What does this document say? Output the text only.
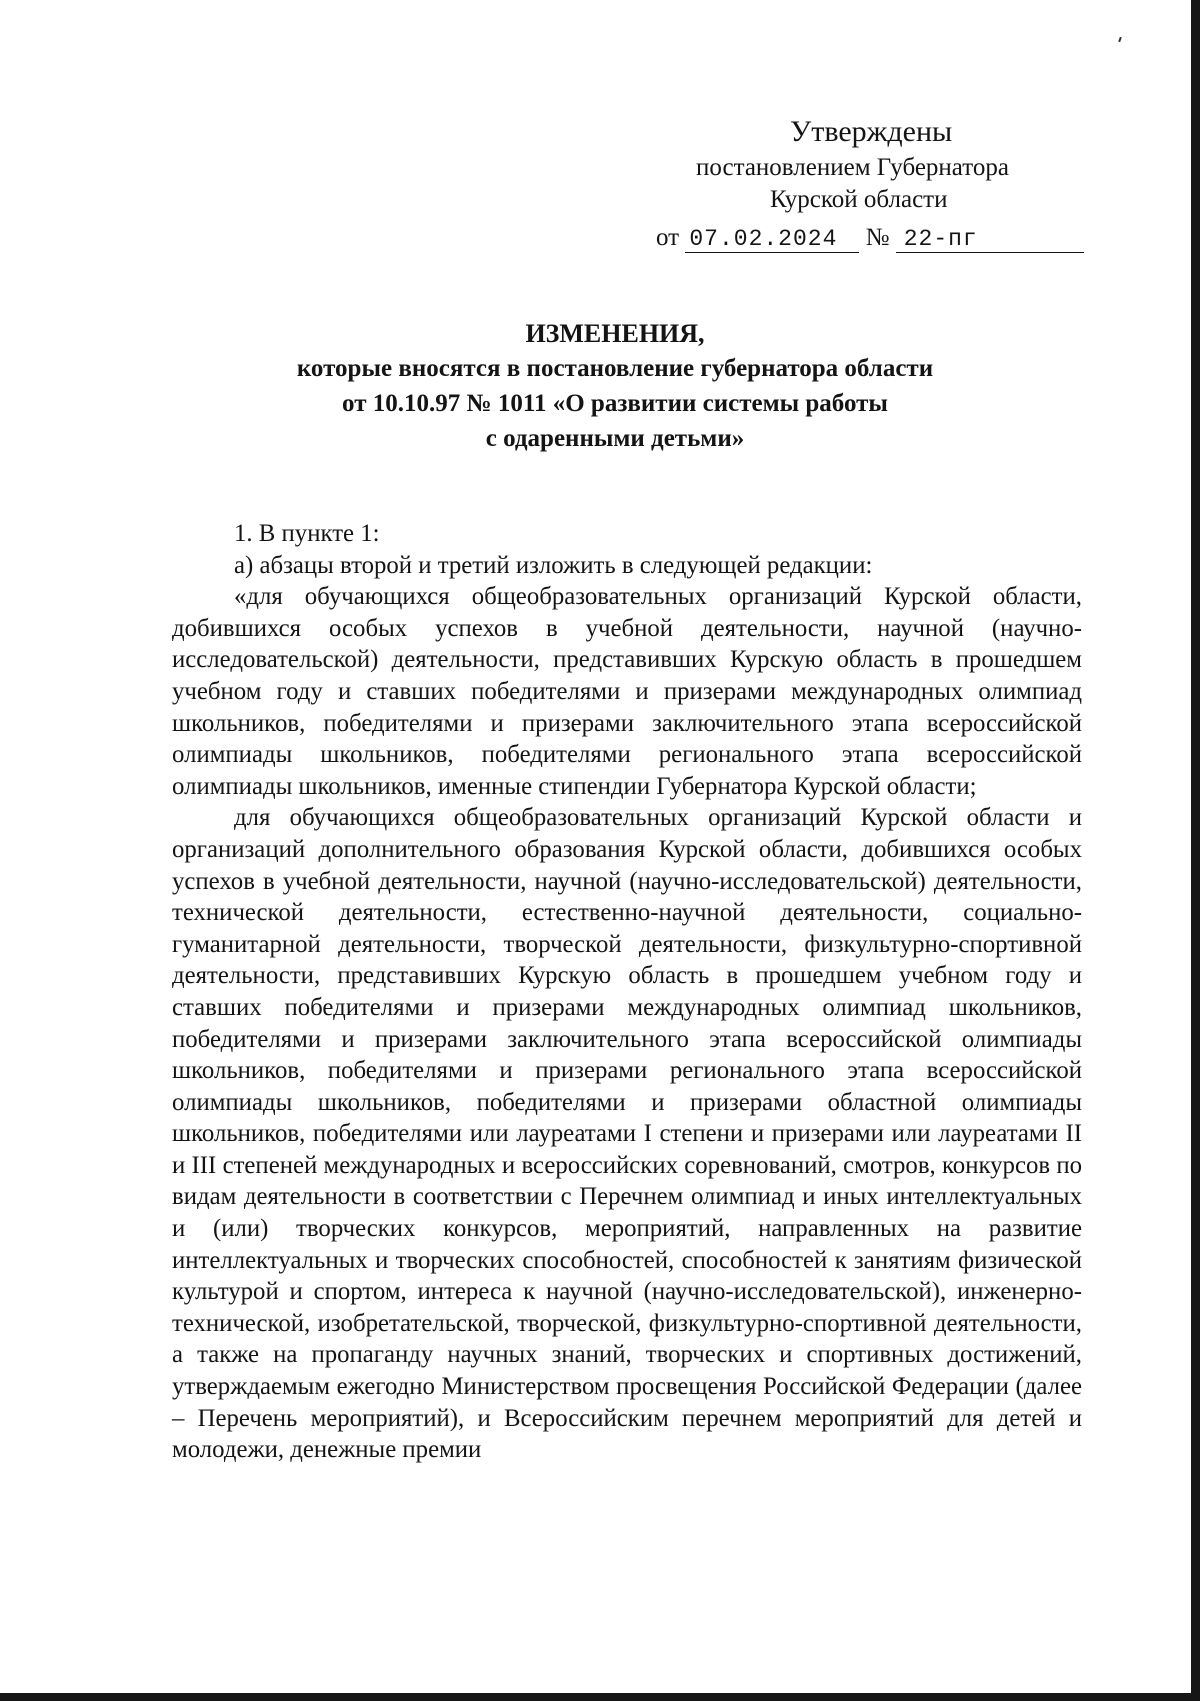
Утверждены
постановлением Губернатора
Курской области
от 07.02.2024 № 22-пг
ИЗМЕНЕНИЯ,
которые вносятся в постановление губернатора области
от 10.10.97 № 1011 «О развитии системы работы
с одаренными детьми»

1. В пункте 1:

а) абзацы второй и третий изложить в следующей редакции:

«для обучающихся общеобразовательных организаций Курской области, добившихся особых успехов в учебной деятельности, научной (научно-исследовательской) деятельности, представивших Курскую область в прошедшем учебном году и ставших победителями и призерами международных олимпиад школьников, победителями и призерами заключительного этапа всероссийской олимпиады школьников, победителями регионального этапа всероссийской олимпиады школьников, именные стипендии Губернатора Курской области;

для обучающихся общеобразовательных организаций Курской области и организаций дополнительного образования Курской области, добившихся особых успехов в учебной деятельности, научной (научно-исследовательской) деятельности, технической деятельности, естественно-научной деятельности, социально-гуманитарной деятельности, творческой деятельности, физкультурно-спортивной деятельности, представивших Курскую область в прошедшем учебном году и ставших победителями и призерами международных олимпиад школьников, победителями и призерами заключительного этапа всероссийской олимпиады школьников, победителями и призерами регионального этапа всероссийской олимпиады школьников, победителями и призерами областной олимпиады школьников, победителями или лауреатами I степени и призерами или лауреатами II и III степеней международных и всероссийских соревнований, смотров, конкурсов по видам деятельности в соответствии с Перечнем олимпиад и иных интеллектуальных и (или) творческих конкурсов, мероприятий, направленных на развитие интеллектуальных и творческих способностей, способностей к занятиям физической культурой и спортом, интереса к научной (научно-исследовательской), инженерно-технической, изобретательской, творческой, физкультурно-спортивной деятельности, а также на пропаганду научных знаний, творческих и спортивных достижений, утверждаемым ежегодно Министерством просвещения Российской Федерации (далее – Перечень мероприятий), и Всероссийским перечнем мероприятий для детей и молодежи, денежные премии
